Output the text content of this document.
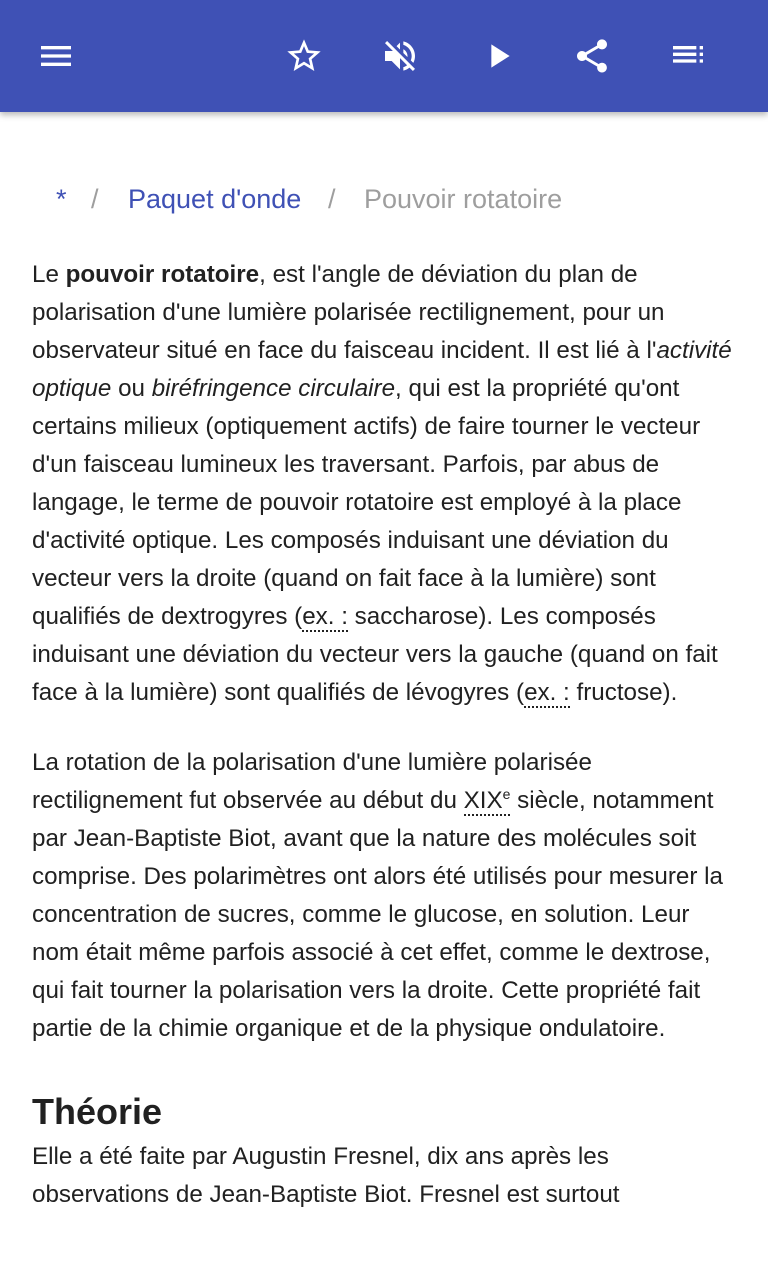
* / Paquet d'onde / Pouvoir rotatoire

Le pouvoir rotatoire, est l'angle de déviation du plan de polarisation d'une lumière polarisée rectilignement, pour un observateur situé en face du faisceau incident. Il est lié à l'activité optique ou biréfringence circulaire, qui est la propriété qu'ont certains milieux (optiquement actifs) de faire tourner le vecteur d'un faisceau lumineux les traversant. Parfois, par abus de langage, le terme de pouvoir rotatoire est employé à la place d'activité optique. Les composés induisant une déviation du vecteur vers la droite (quand on fait face à la lumière) sont qualifiés de dextrogyres (ex. : saccharose). Les composés induisant une déviation du vecteur vers la gauche (quand on fait face à la lumière) sont qualifiés de lévogyres (ex. : fructose).

La rotation de la polarisation d'une lumière polarisée rectilignement fut observée au début du XIXe siècle, notamment par Jean-Baptiste Biot, avant que la nature des molécules soit comprise. Des polarimètres ont alors été utilisés pour mesurer la concentration de sucres, comme le glucose, en solution. Leur nom était même parfois associé à cet effet, comme le dextrose, qui fait tourner la polarisation vers la droite. Cette propriété fait partie de la chimie organique et de la physique ondulatoire.

Théorie

Elle a été faite par Augustin Fresnel, dix ans après les observations de Jean-Baptiste Biot. Fresnel est surtout
